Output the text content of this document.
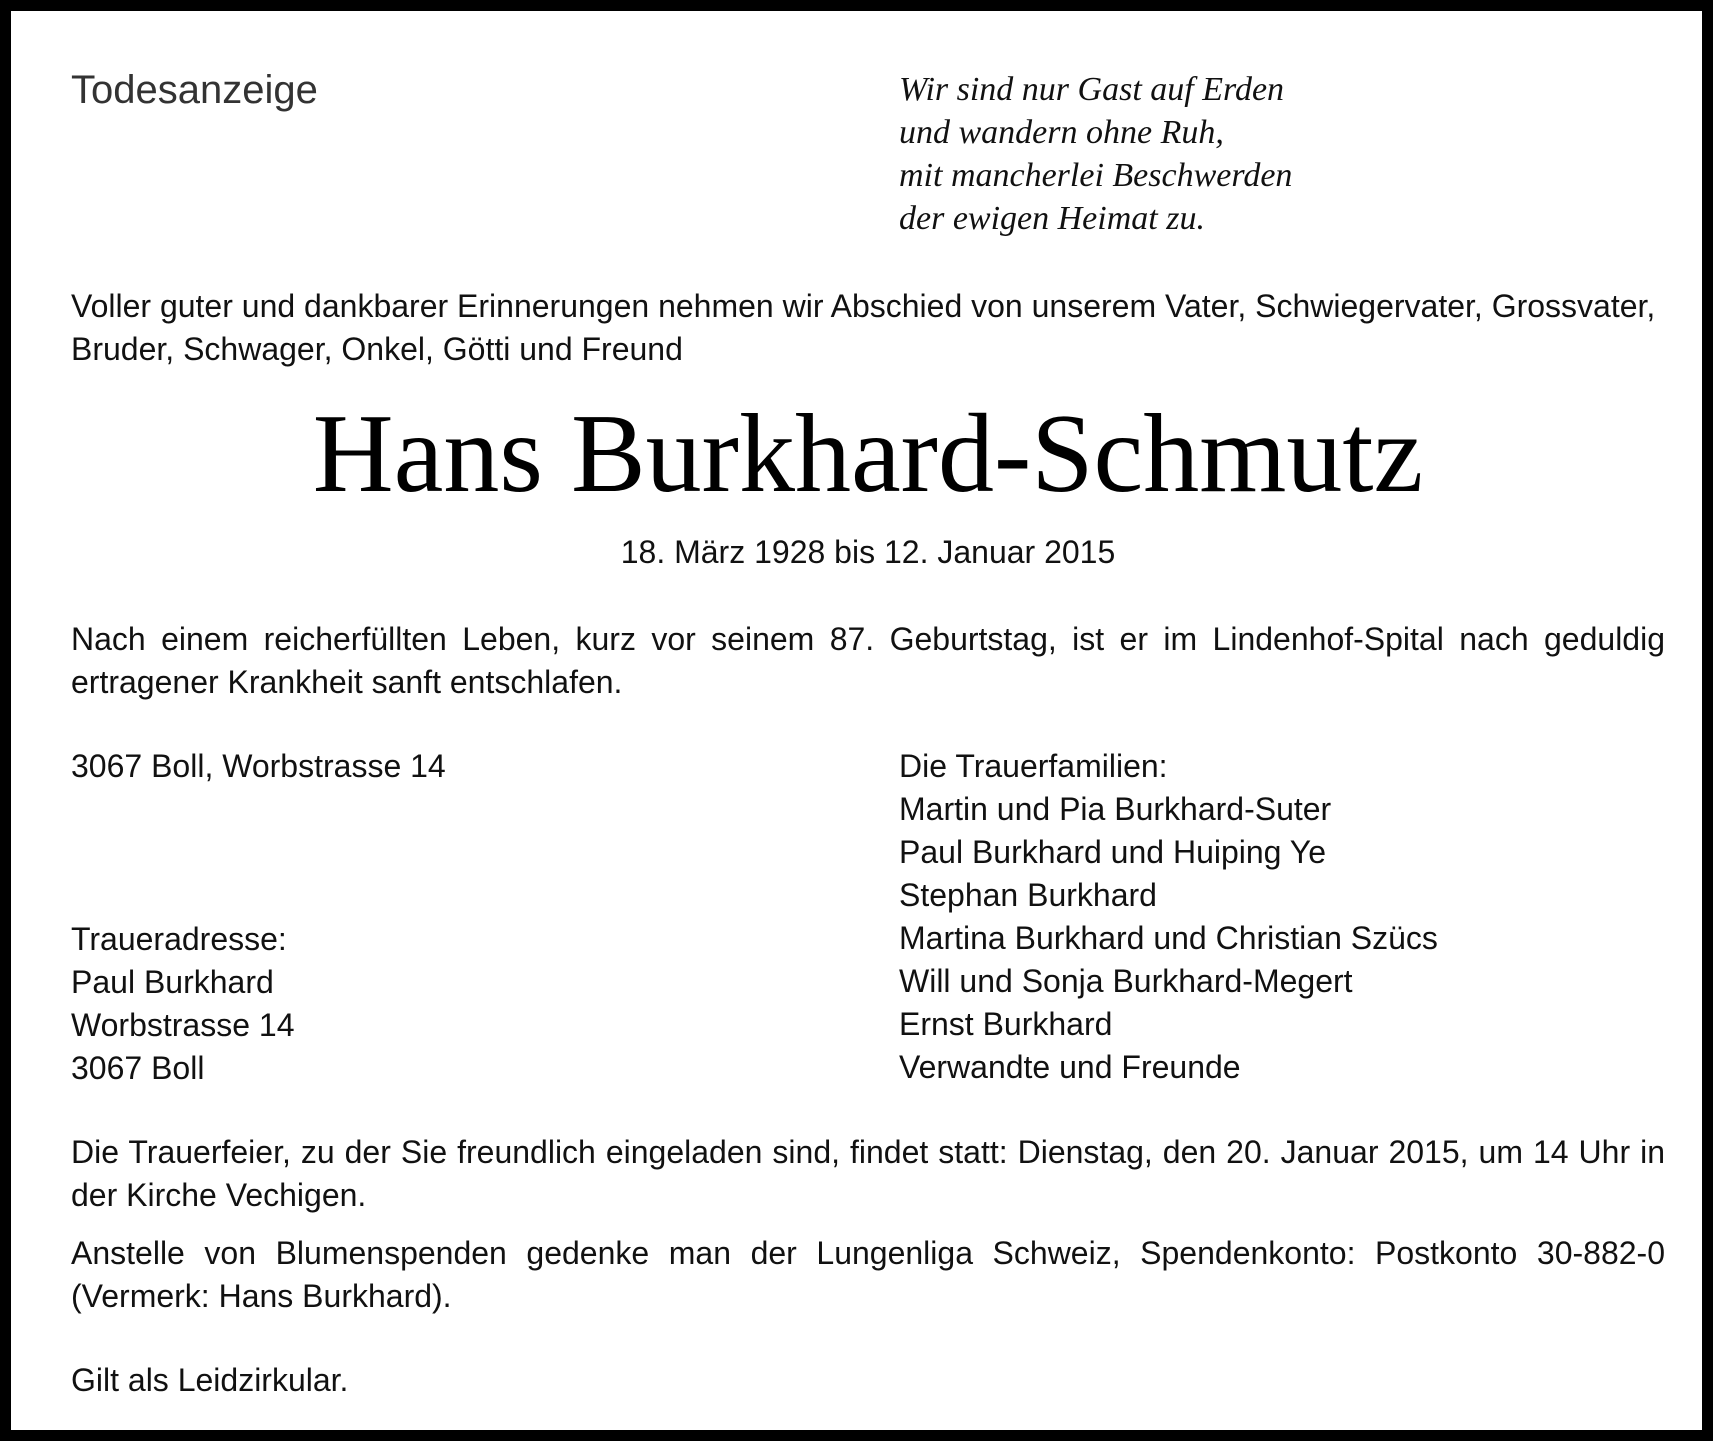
Todesanzeige	Wir sind nur Gast auf Erden
und wandern ohne Ruh,
mit mancherlei Beschwerden
der ewigen Heimat zu.
Voller guter und dankbarer Erinnerungen nehmen wir Abschied von unserem Vater, Schwiegervater, Grossvater, Bruder, Schwager, Onkel, Götti und Freund
Hans Burkhard-Schmutz
18. März 1928 bis 12. Januar 2015
Nach einem reicherfüllten Leben, kurz vor seinem 87. Geburtstag, ist er im Lindenhof-Spital nach geduldig ertragener Krankheit sanft entschlafen.
3067 Boll, Worbstrasse 14	Die Trauerfamilien:
Martin und Pia Burkhard-Suter
Paul Burkhard und Huiping Ye
Stephan Burkhard
Martina Burkhard und Christian Szücs
Will und Sonja Burkhard-Megert
Ernst Burkhard
Verwandte und Freunde
Traueradresse:
Paul Burkhard
Worbstrasse 14
3067 Boll
Die Trauerfeier, zu der Sie freundlich eingeladen sind, findet statt: Dienstag, den 20. Januar 2015, um 14 Uhr in der Kirche Vechigen.
Anstelle von Blumenspenden gedenke man der Lungenliga Schweiz, Spendenkonto: Postkonto 30-882-0 (Vermerk: Hans Burkhard).
Gilt als Leidzirkular.
